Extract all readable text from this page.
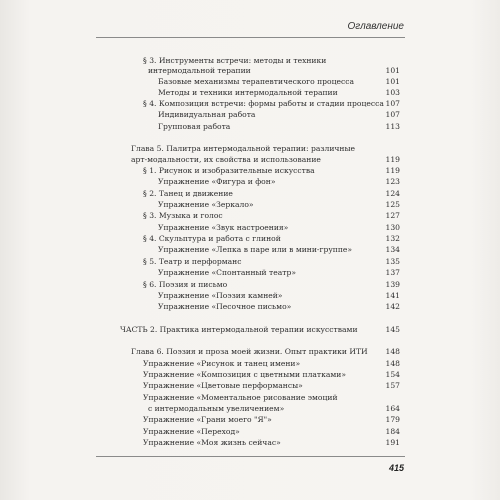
Оглавление
§ 3. Инструменты встречи: методы и техники
интермодальной терапии	101
Базовые механизмы терапевтического процесса	101
Методы и техники интермодальной терапии	103
§ 4. Композиция встречи: формы работы и стадии процесса 107
Индивидуальная работа	107
Групповая работа	113
Глава 5. Палитра интермодальной терапии: различные
арт-модальности, их свойства и использование	119
§ 1. Рисунок и изобразительные искусства	119
Упражнение «Фигура и фон»	123
§ 2. Танец и движение	124
Упражнение «Зеркало»	125
§ 3. Музыка и голос	127
Упражнение «Звук настроения»	130
§ 4. Скульптура и работа с глиной	132
Упражнение «Лепка в паре или в мини-группе»	134
§ 5. Театр и перформанс	135
Упражнение «Спонтанный театр»	137
§ 6. Поэзия и письмо	139
Упражнение «Поэзия камней»	141
Упражнение «Песочное письмо»	142
ЧАСТЬ 2. Практика интермодальной терапии искусствами	145
Глава 6. Поэзия и проза моей жизни. Опыт практики ИТИ	148
Упражнение «Рисунок и танец имени»	148
Упражнение «Композиция с цветными платками»	154
Упражнение «Цветовые перформансы»	157
Упражнение «Моментальное рисование эмоций
с интермодальным увеличением»	164
Упражнение «Грани моего "Я"»	179
Упражнение «Переход»	184
Упражнение «Моя жизнь сейчас»	191
415
